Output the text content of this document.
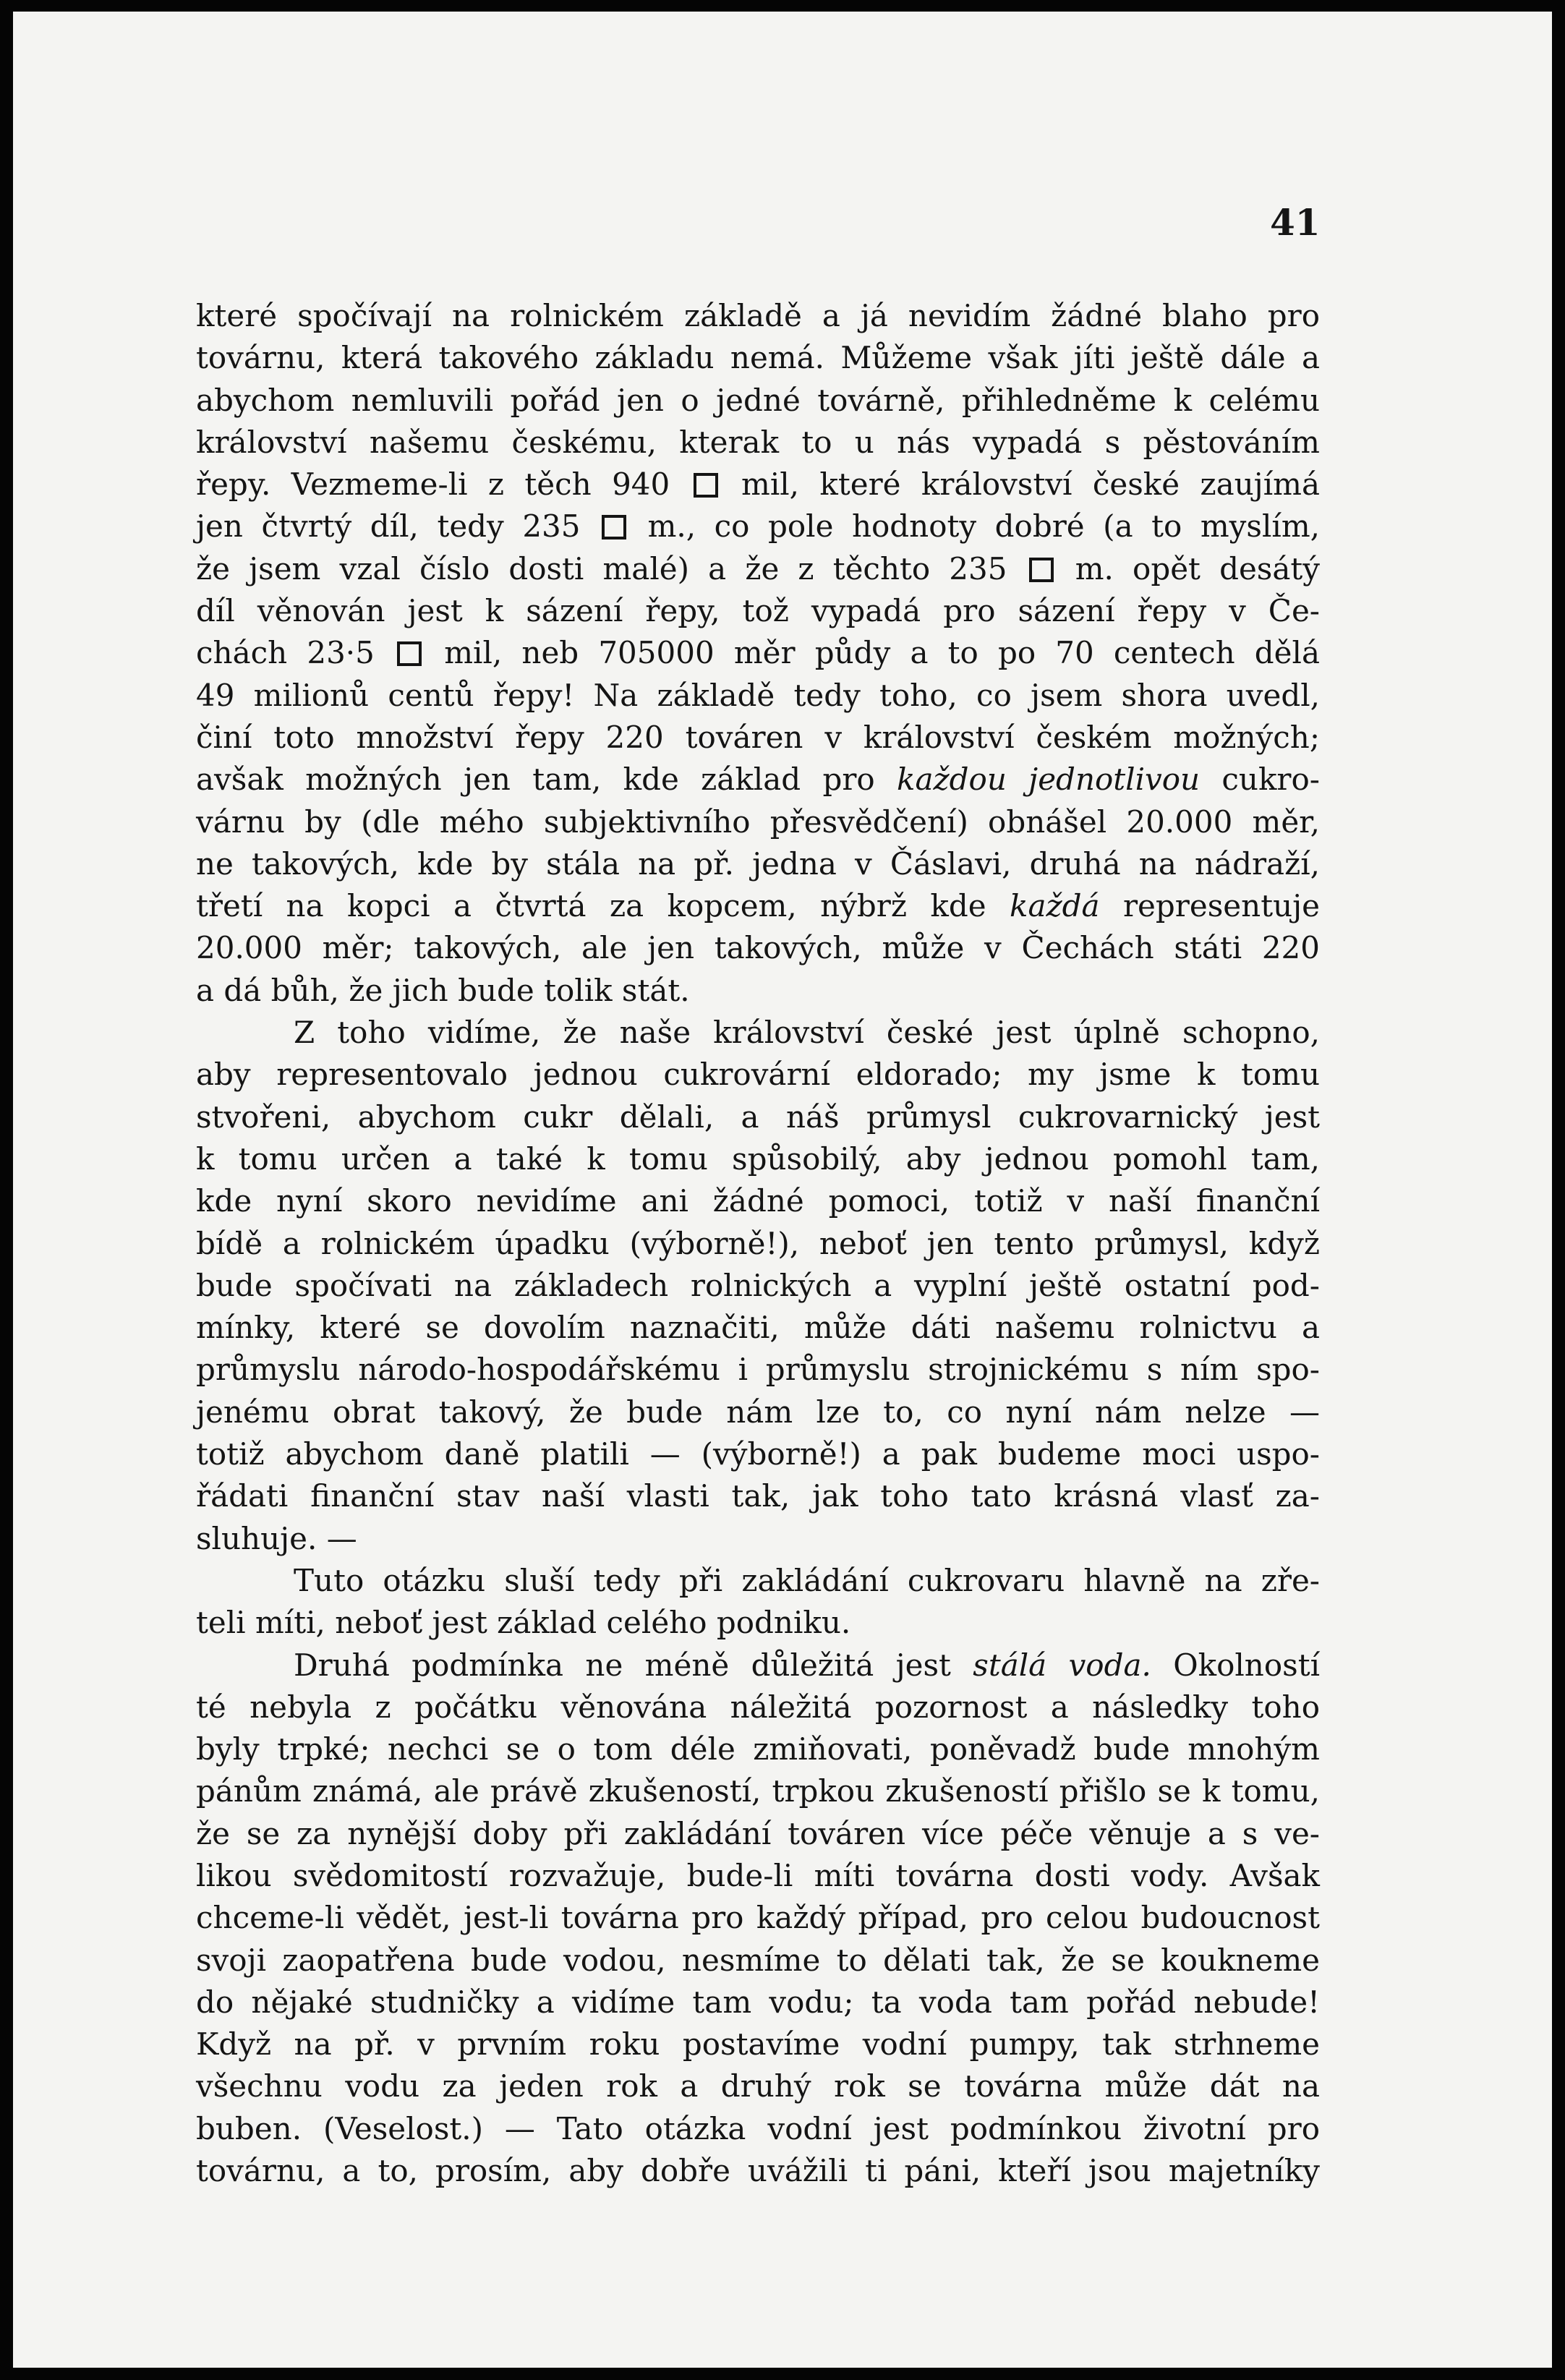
41
které spočívají na rolnickém základě a já nevidím žádné blaho pro
továrnu, která takového základu nemá. Můžeme však jíti ještě dále a
abychom nemluvili pořád jen o jedné továrně, přihledněme k celému
království našemu českému, kterak to u nás vypadá s pěstováním
řepy. Vezmeme-li z těch 940  mil, které království české zaujímá
jen čtvrtý díl, tedy 235  m., co pole hodnoty dobré (a to myslím,
že jsem vzal číslo dosti malé) a že z těchto 235  m. opět desátý
díl věnován jest k sázení řepy, tož vypadá pro sázení řepy v Če-
chách 23·5  mil, neb 705000 měr půdy a to po 70 centech dělá
49 milionů centů řepy! Na základě tedy toho, co jsem shora uvedl,
činí toto množství řepy 220 továren v království českém možných;
avšak možných jen tam, kde základ pro každou jednotlivou cukro-
várnu by (dle mého subjektivního přesvědčení) obnášel 20.000 měr,
ne takových, kde by stála na př. jedna v Čáslavi, druhá na nádraží,
třetí na kopci a čtvrtá za kopcem, nýbrž kde každá representuje
20.000 měr; takových, ale jen takových, může v Čechách státi 220
a dá bůh, že jich bude tolik stát.
Z toho vidíme, že naše království české jest úplně schopno,
aby representovalo jednou cukrovární eldorado; my jsme k tomu
stvořeni, abychom cukr dělali, a náš průmysl cukrovarnický jest
k tomu určen a také k tomu spůsobilý, aby jednou pomohl tam,
kde nyní skoro nevidíme ani žádné pomoci, totiž v naší finanční
bídě a rolnickém úpadku (výborně!), neboť jen tento průmysl, když
bude spočívati na základech rolnických a vyplní ještě ostatní pod-
mínky, které se dovolím naznačiti, může dáti našemu rolnictvu a
průmyslu národo-hospodářskému i průmyslu strojnickému s ním spo-
jenému obrat takový, že bude nám lze to, co nyní nám nelze —
totiž abychom daně platili — (výborně!) a pak budeme moci uspo-
řádati finanční stav naší vlasti tak, jak toho tato krásná vlasť za-
sluhuje. —
Tuto otázku sluší tedy při zakládání cukrovaru hlavně na zře-
teli míti, neboť jest základ celého podniku.
Druhá podmínka ne méně důležitá jest stálá voda. Okolností
té nebyla z počátku věnována náležitá pozornost a následky toho
byly trpké; nechci se o tom déle zmiňovati, poněvadž bude mnohým
pánům známá, ale právě zkušeností, trpkou zkušeností přišlo se k tomu,
že se za nynější doby při zakládání továren více péče věnuje a s ve-
likou svědomitostí rozvažuje, bude-li míti továrna dosti vody. Avšak
chceme-li vědět, jest-li továrna pro každý případ, pro celou budoucnost
svoji zaopatřena bude vodou, nesmíme to dělati tak, že se koukneme
do nějaké studničky a vidíme tam vodu; ta voda tam pořád nebude!
Když na př. v prvním roku postavíme vodní pumpy, tak strhneme
všechnu vodu za jeden rok a druhý rok se továrna může dát na
buben. (Veselost.) — Tato otázka vodní jest podmínkou životní pro
továrnu, a to, prosím, aby dobře uvážili ti páni, kteří jsou majetníky
